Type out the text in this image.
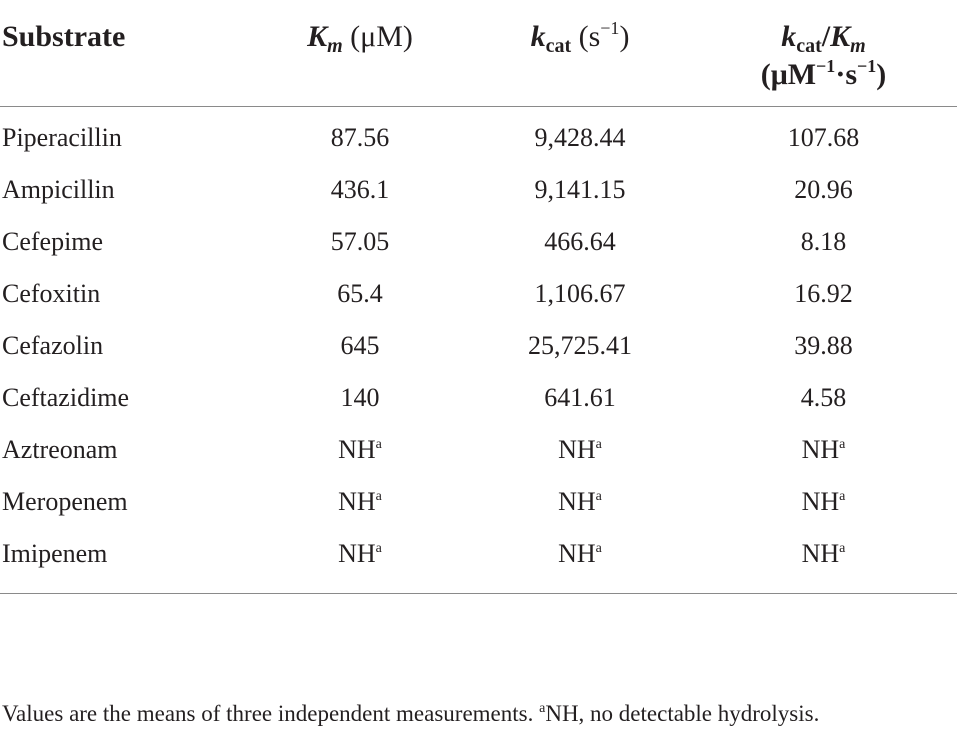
Substrate	$K_m$ (μM)	$k_{cat}$ $(s^{-1})$	$k_{cat}/K_m$
$(\mu M^{-1}\cdot s^{-1})$

Piperacillin	87.56	9,428.44	107.68
Ampicillin	436.1	9,141.15	20.96
Cefepime	57.05	466.64	8.18
Cefoxitin	65.4	1,106.67	16.92
Cefazolin	645	25,725.41	39.88
Ceftazidime	140	641.61	4.58
Aztreonam	$NH^a$	$NH^a$	$NH^a$
Meropenem	$NH^a$	$NH^a$	$NH^a$
Imipenem	$NH^a$	$NH^a$	$NH^a$

Values are the means of three independent measurements. $^a$NH, no detectable hydrolysis.
